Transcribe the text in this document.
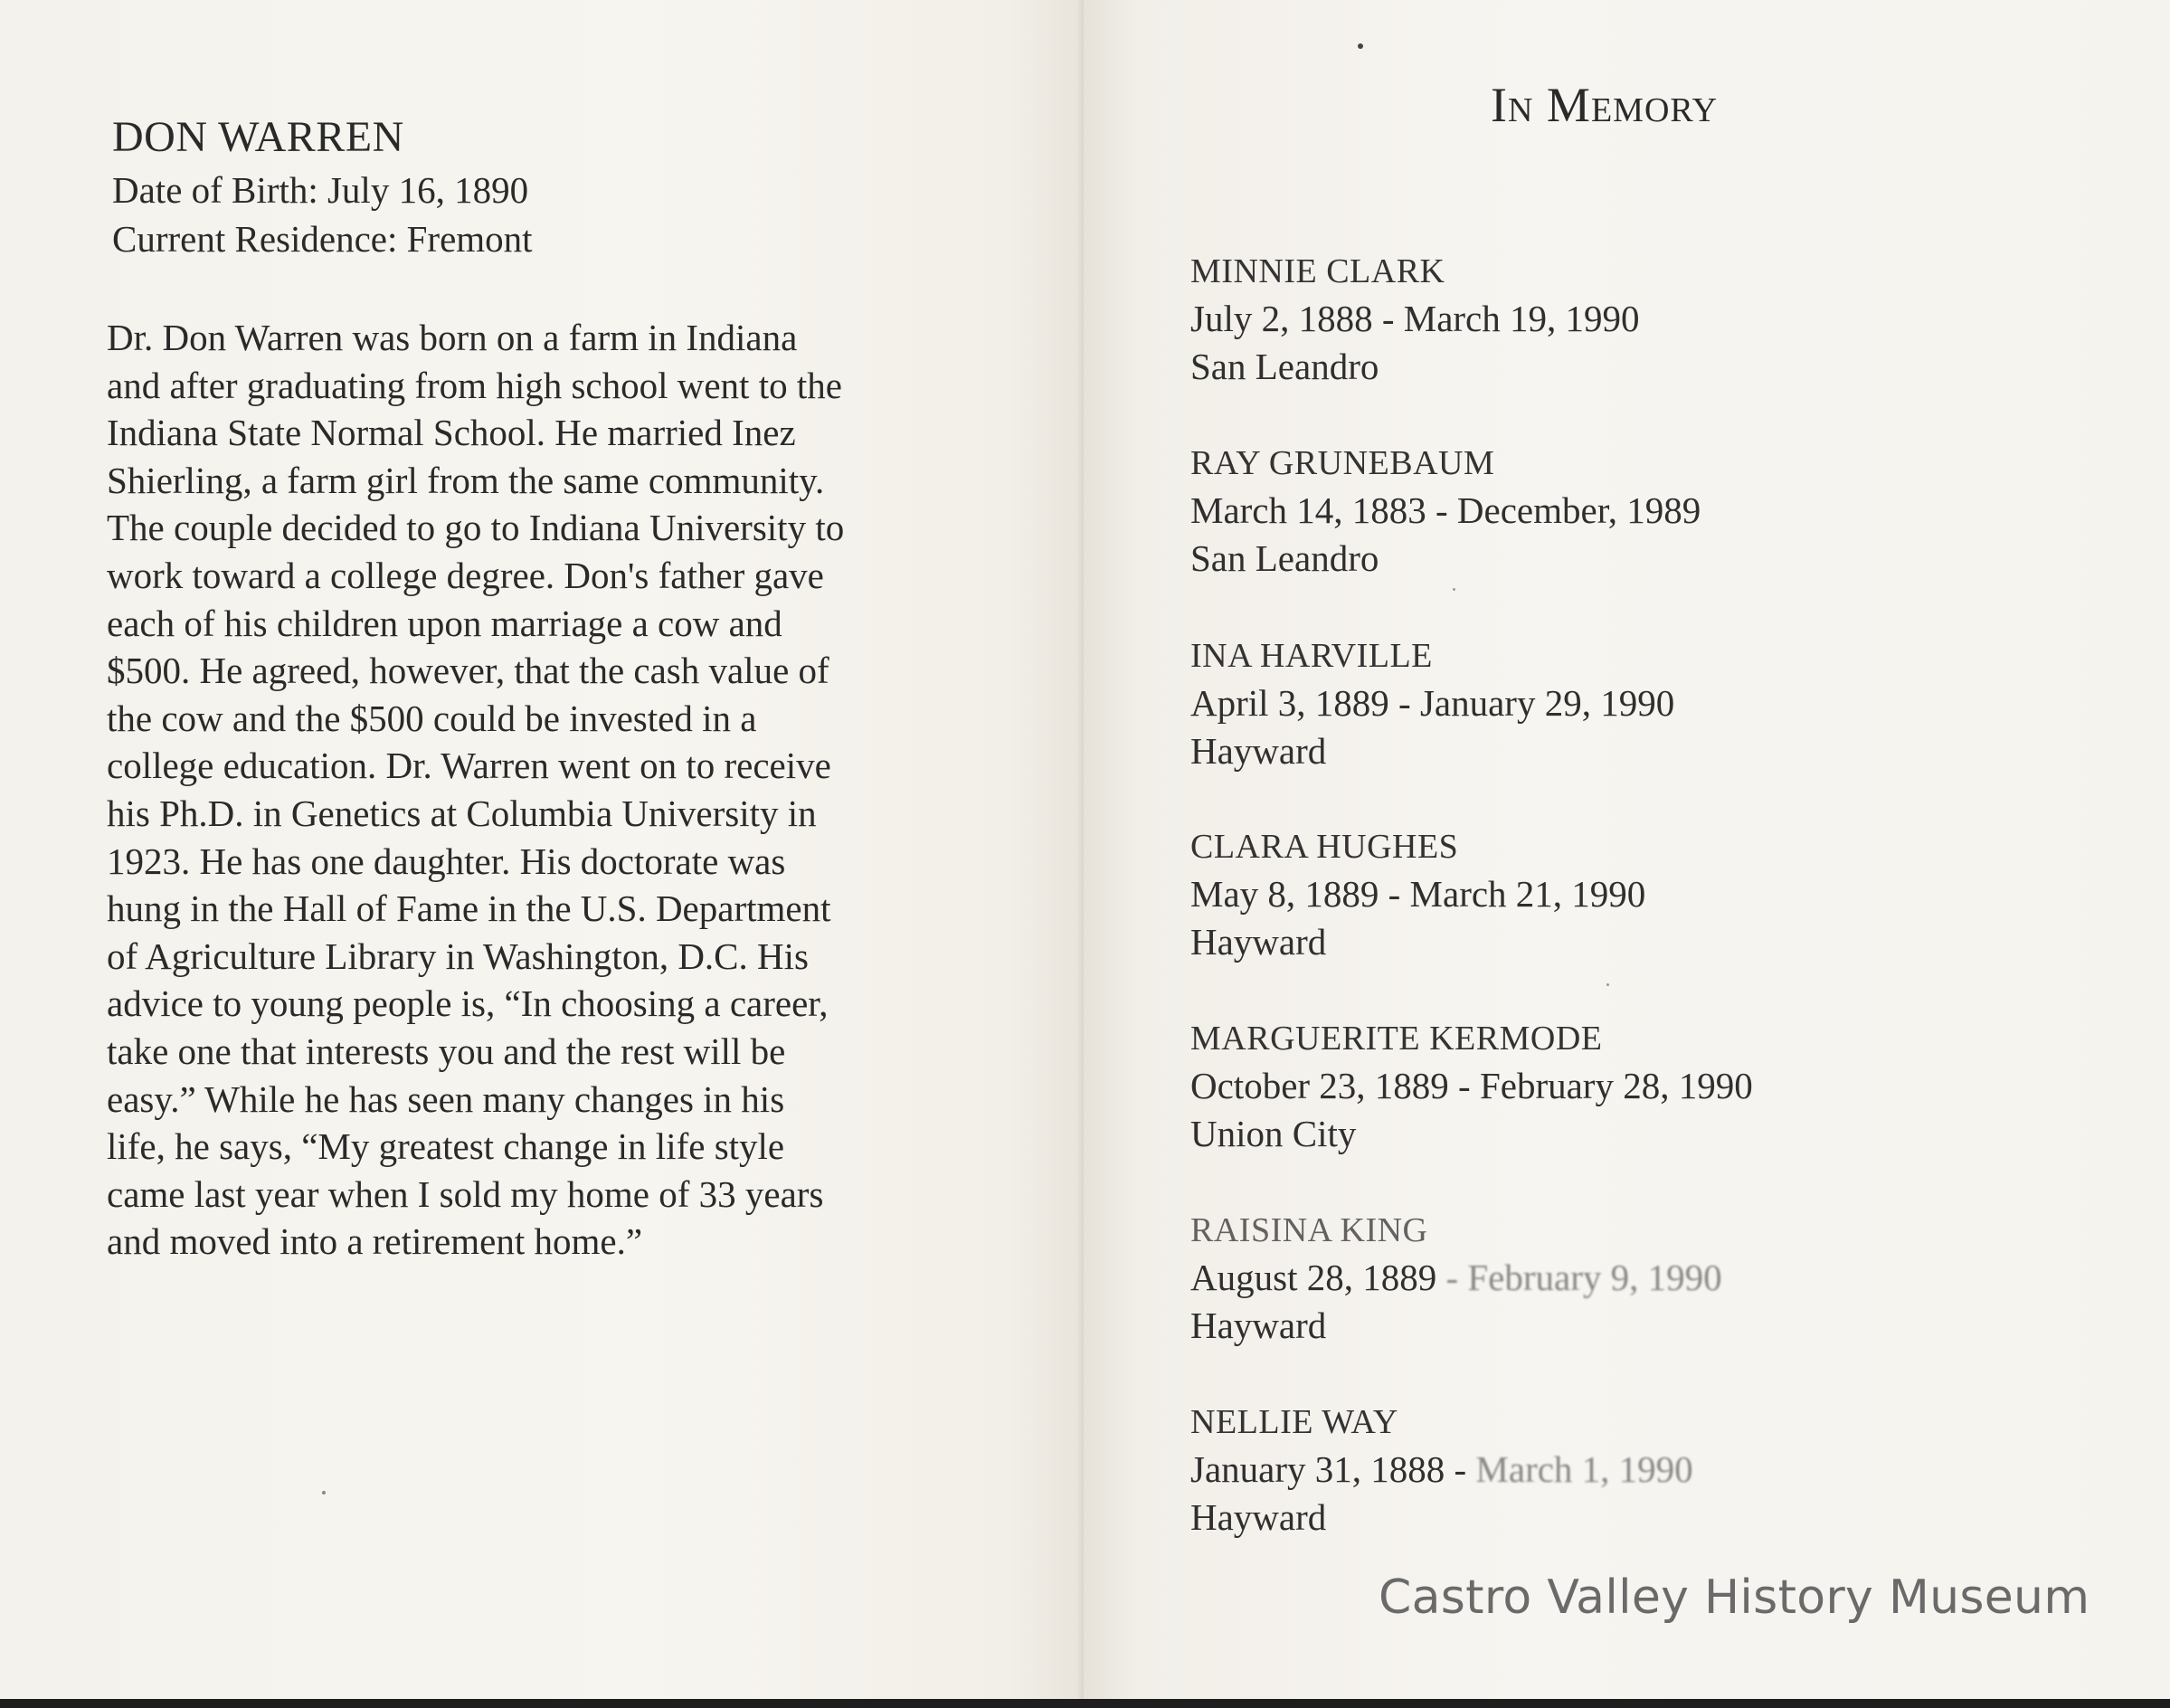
DON WARREN
Date of Birth: July 16, 1890
Current Residence: Fremont
Dr. Don Warren was born on a farm in Indiana
and after graduating from high school went to the
Indiana State Normal School. He married Inez
Shierling, a farm girl from the same community.
The couple decided to go to Indiana University to
work toward a college degree. Don's father gave
each of his children upon marriage a cow and
$500. He agreed, however, that the cash value of
the cow and the $500 could be invested in a
college education. Dr. Warren went on to receive
his Ph.D. in Genetics at Columbia University in
1923. He has one daughter. His doctorate was
hung in the Hall of Fame in the U.S. Department
of Agriculture Library in Washington, D.C. His
advice to young people is, “In choosing a career,
take one that interests you and the rest will be
easy.” While he has seen many changes in his
life, he says, “My greatest change in life style
came last year when I sold my home of 33 years
and moved into a retirement home.”
In Memory
MINNIE CLARK
July 2, 1888 - March 19, 1990
San Leandro
RAY GRUNEBAUM
March 14, 1883 - December, 1989
San Leandro
INA HARVILLE
April 3, 1889 - January 29, 1990
Hayward
CLARA HUGHES
May 8, 1889 - March 21, 1990
Hayward
MARGUERITE KERMODE
October 23, 1889 - February 28, 1990
Union City
RAISINA KING
August 28, 1889 - February 9, 1990
Hayward
NELLIE WAY
January 31, 1888 - March 1, 1990
Hayward
Castro Valley History Museum
